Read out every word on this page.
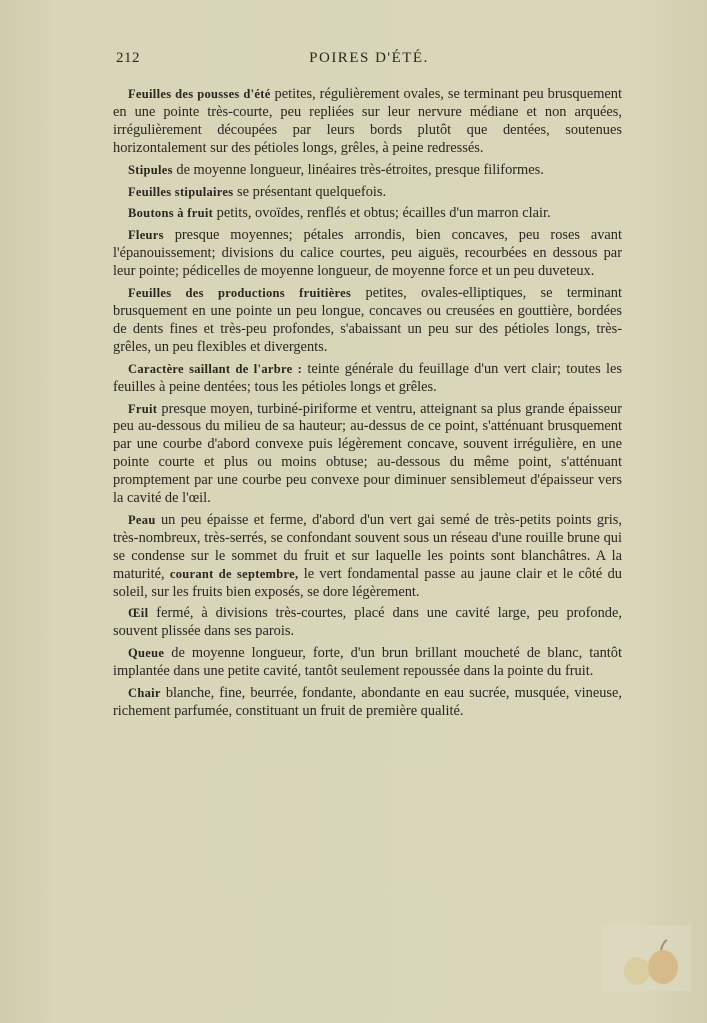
212	POIRES D'ÉTÉ.

Feuilles des pousses d'été petites, régulièrement ovales, se terminant peu brusquement en une pointe très-courte, peu repliées sur leur nervure médiane et non arquées, irrégulièrement découpées par leurs bords plutôt que dentées, soutenues horizontalement sur des pétioles longs, grêles, à peine redressés.

Stipules de moyenne longueur, linéaires très-étroites, presque filiformes.

Feuilles stipulaires se présentant quelquefois.

Boutons à fruit petits, ovoïdes, renflés et obtus; écailles d'un marron clair.

Fleurs presque moyennes; pétales arrondis, bien concaves, peu roses avant l'épanouissement; divisions du calice courtes, peu aiguës, recourbées en dessous par leur pointe; pédicelles de moyenne longueur, de moyenne force et un peu duveteux.

Feuilles des productions fruitières petites, ovales-elliptiques, se terminant brusquement en une pointe un peu longue, concaves ou creusées en gouttière, bordées de dents fines et très-peu profondes, s'abaissant un peu sur des pétioles longs, très-grêles, un peu flexibles et divergents.

Caractère saillant de l'arbre : teinte générale du feuillage d'un vert clair; toutes les feuilles à peine dentées; tous les pétioles longs et grêles.

Fruit presque moyen, turbiné-piriforme et ventru, atteignant sa plus grande épaisseur peu au-dessous du milieu de sa hauteur; au-dessus de ce point, s'atténuant brusquement par une courbe d'abord convexe puis légèrement concave, souvent irrégulière, en une pointe courte et plus ou moins obtuse; au-dessous du même point, s'atténuant promptement par une courbe peu convexe pour diminuer sensiblemeut d'épaisseur vers la cavité de l'œil.

Peau un peu épaisse et ferme, d'abord d'un vert gai semé de très-petits points gris, très-nombreux, très-serrés, se confondant souvent sous un réseau d'une rouille brune qui se condense sur le sommet du fruit et sur laquelle les points sont blanchâtres. A la maturité, courant de septembre, le vert fondamental passe au jaune clair et le côté du soleil, sur les fruits bien exposés, se dore légèrement.

Œil fermé, à divisions très-courtes, placé dans une cavité large, peu profonde, souvent plissée dans ses parois.

Queue de moyenne longueur, forte, d'un brun brillant moucheté de blanc, tantôt implantée dans une petite cavité, tantôt seulement repoussée dans la pointe du fruit.

Chair blanche, fine, beurrée, fondante, abondante en eau sucrée, musquée, vineuse, richement parfumée, constituant un fruit de première qualité.
